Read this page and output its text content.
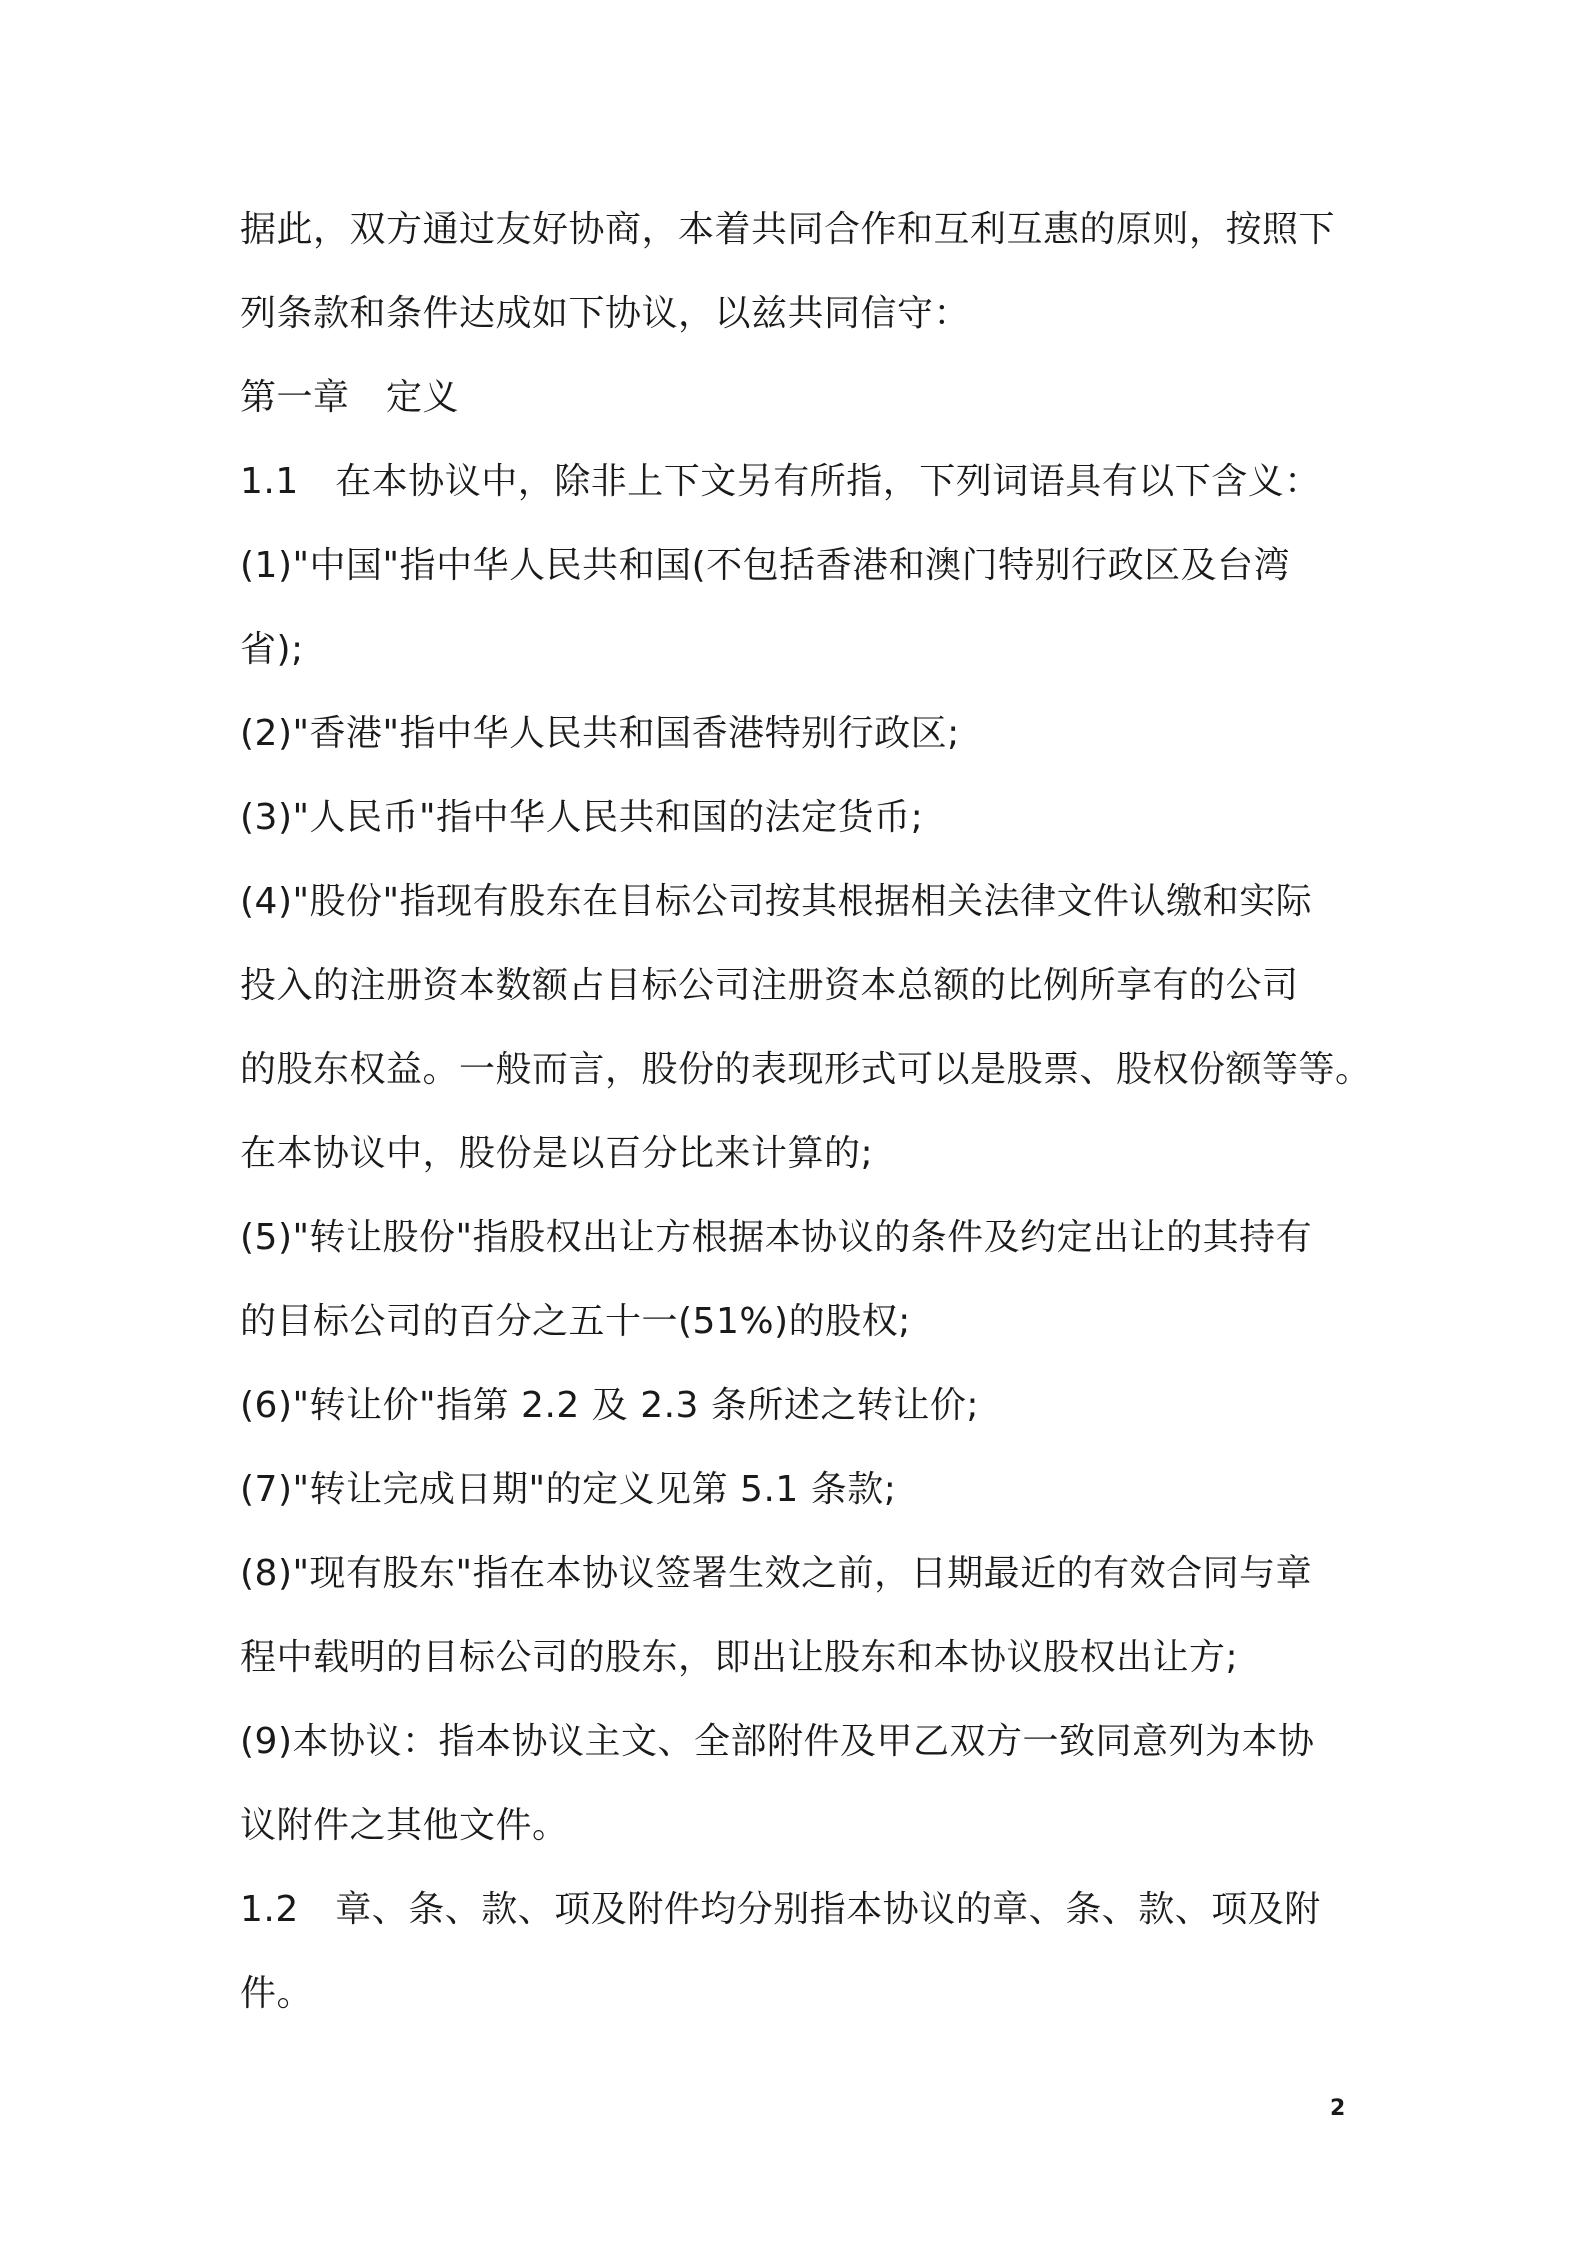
据此，双方通过友好协商，本着共同合作和互利互惠的原则，按照下
列条款和条件达成如下协议，以兹共同信守：
第一章　定义
1.1　在本协议中，除非上下文另有所指，下列词语具有以下含义：
(1)"中国"指中华人民共和国(不包括香港和澳门特别行政区及台湾
省);
(2)"香港"指中华人民共和国香港特别行政区;
(3)"人民币"指中华人民共和国的法定货币;
(4)"股份"指现有股东在目标公司按其根据相关法律文件认缴和实际
投入的注册资本数额占目标公司注册资本总额的比例所享有的公司
的股东权益。一般而言，股份的表现形式可以是股票、股权份额等等。
在本协议中，股份是以百分比来计算的;
(5)"转让股份"指股权出让方根据本协议的条件及约定出让的其持有
的目标公司的百分之五十一(51%)的股权;
(6)"转让价"指第 2.2 及 2.3 条所述之转让价;
(7)"转让完成日期"的定义见第 5.1 条款;
(8)"现有股东"指在本协议签署生效之前，日期最近的有效合同与章
程中载明的目标公司的股东，即出让股东和本协议股权出让方;
(9)本协议：指本协议主文、全部附件及甲乙双方一致同意列为本协
议附件之其他文件。
1.2　章、条、款、项及附件均分别指本协议的章、条、款、项及附
件。
2
